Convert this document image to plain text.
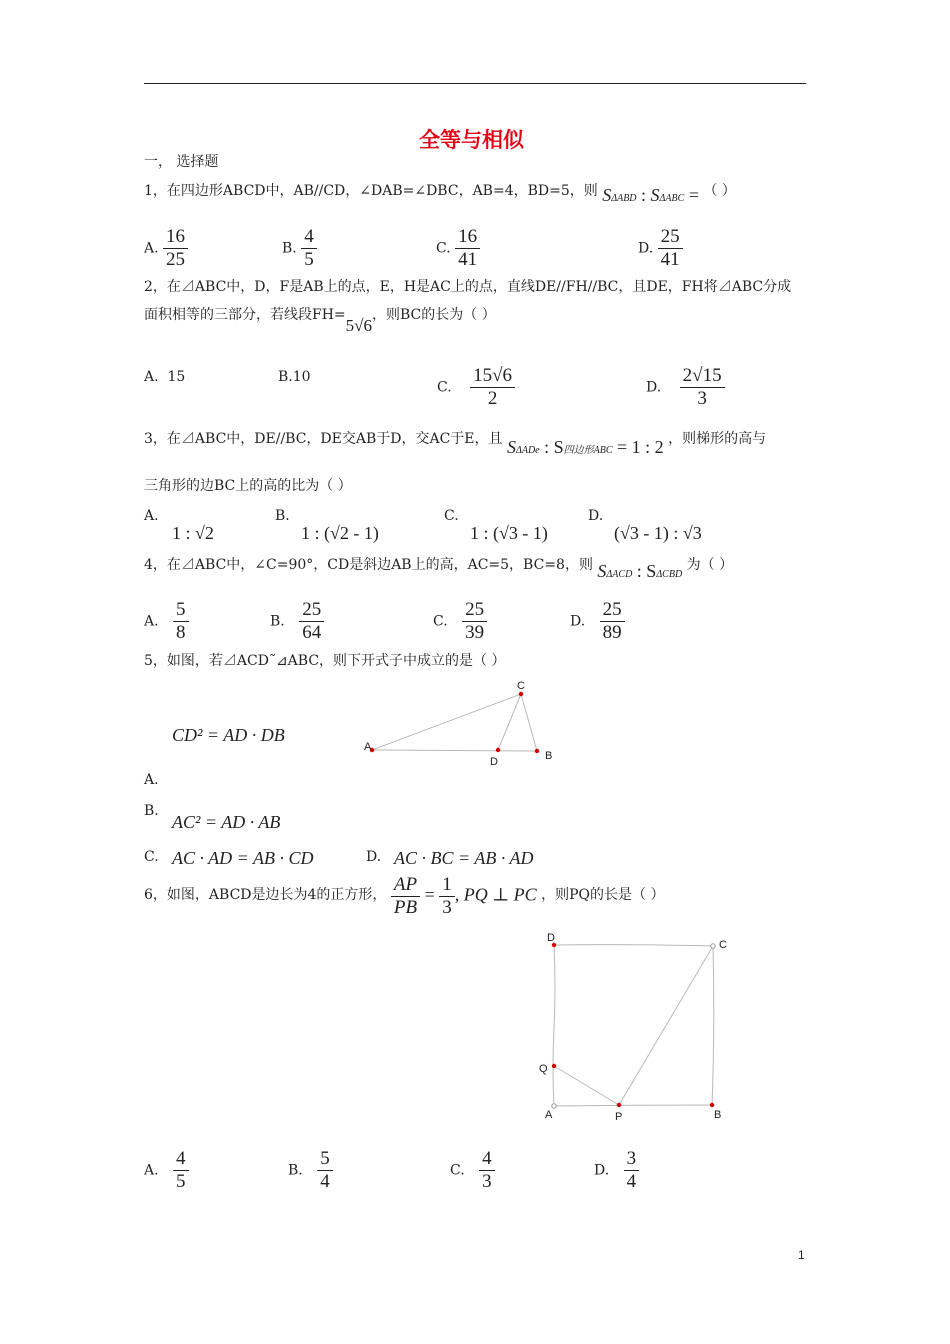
全等与相似
一， 选择题
1，在四边形ABCD中，AB//CD，∠DAB=∠DBC，AB=4，BD=5，则 SΔABD : SΔABC = （ ）
A. $\frac{16}{25}$	B. $\frac{4}{5}$	C. $\frac{16}{41}$	D. $\frac{25}{41}$
2，在⊿ABC中，D，F是AB上的点，E，H是AC上的点，直线DE//FH//BC，且DE，FH将⊿ABC分成
面积相等的三部分，若线段FH=5√6，则BC的长为（ ）
A. 15	B.10
C. $\frac{15√6}{2}$	D. $\frac{2√15}{3}$
3，在⊿ABC中，DE//BC，DE交AB于D，交AC于E，且 SΔADe : S四边形ABC = 1 : 2 ，则梯形的高与
三角形的边BC上的高的比为（ ）
A.
1 : √2
B.
1 : (√2 - 1)
C.
1 : (√3 - 1)
D.
(√3 - 1) : √3
4，在⊿ABC中，∠C=90°，CD是斜边AB上的高，AC=5，BC=8，则 SΔACD : SΔCBD 为（ ）
A. $\frac{5}{8}$	B. $\frac{25}{64}$	C. $\frac{25}{39}$	D. $\frac{25}{89}$
5，如图，若⊿ACD˜⊿ABC，则下开式子中成立的是（ ）
CD² = AD · DB
A
C
D	B
A.
B.
AC² = AD · AB
C. AC · AD = AB · CD	D. AC · BC = AB · AD
6，如图，ABCD是边长为4的正方形， $\frac{AP}{PB} = \frac{1}{3}$ , PQ ⊥ PC ，则PQ的长是（ ）
D
C
Q
A	P	B
A. $\frac{4}{5}$	B. $\frac{5}{4}$	C. $\frac{4}{3}$	D. $\frac{3}{4}$
1
